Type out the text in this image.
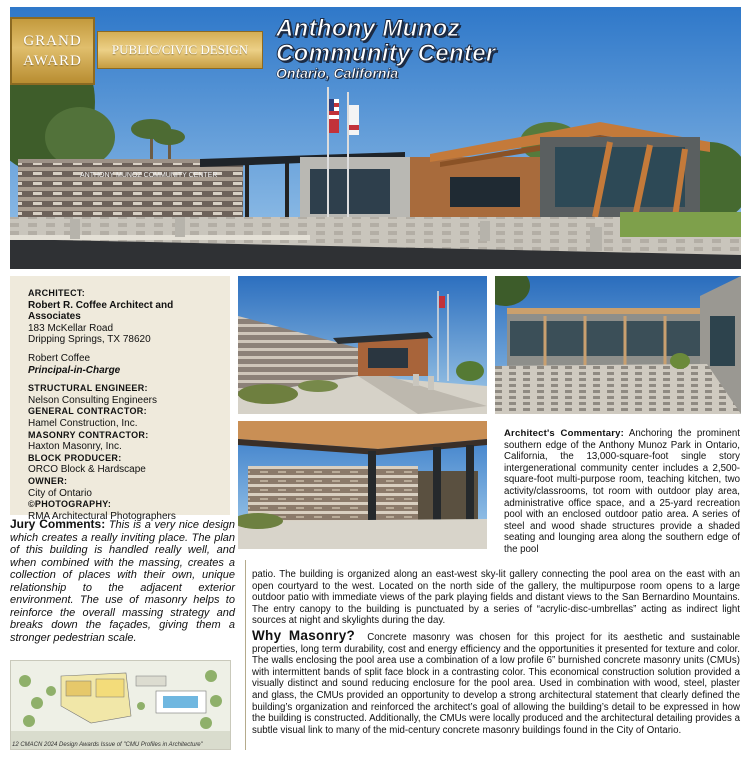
ANTHONY MUNOZ COMMUNITY CENTER
GRAND AWARD
PUBLIC/CIVIC DESIGN
Anthony Munoz
Community Center
Ontario, California
ARCHITECT:
Robert R. Coffee Architect and Associates
183 McKellar Road
Dripping Springs, TX 78620
Robert Coffee
Principal-in-Charge
STRUCTURAL ENGINEER:
Nelson Consulting Engineers
GENERAL CONTRACTOR:
Hamel Construction, Inc.
MASONRY CONTRACTOR:
Haxton Masonry, Inc.
BLOCK PRODUCER:
ORCO Block & Hardscape
OWNER:
City of Ontario
©PHOTOGRAPHY:
RMA Architectural Photographers
Jury Comments: This is a very nice design which creates a really inviting place. The plan of this building is handled really well, and when combined with the massing, creates a collection of places with their own, unique relationship to the adjacent exterior environment. The use of masonry helps to reinforce the overall massing strategy and breaks down the façades, giving them a stronger pedestrian scale.
12 CMACN 2024 Design Awards Issue of "CMU Profiles in Architecture"
Architect's Commentary: Anchoring the prominent southern edge of the Anthony Munoz Park in Ontario, California, the 13,000-square-foot single story intergenerational community center includes a 2,500-square-foot multi-purpose room, teaching kitchen, two activity/classrooms, tot room with outdoor play area, administrative office space, and a 25-yard recreation pool with an enclosed outdoor patio area. A series of steel and wood shade structures provide a shaded seating and lounging area along the southern edge of the pool
patio. The building is organized along an east-west sky-lit gallery connecting the pool area on the east with an open courtyard to the west. Located on the north side of the gallery, the multipurpose room opens to a large outdoor patio with immediate views of the park playing fields and distant views to the San Bernardino Mountains. The entry canopy to the building is punctuated by a series of “acrylic-disc-umbrellas” acting as indirect light sources at night and skylights during the day.
Why Masonry? Concrete masonry was chosen for this project for its aesthetic and sustainable properties, long term durability, cost and energy efficiency and the opportunities it presented for texture and color. The walls enclosing the pool area use a combination of a low profile 6” burnished concrete masonry units (CMUs) with intermittent bands of split face block in a contrasting color. This economical construction solution provided a visually distinct and sound reducing enclosure for the pool area. Used in combination with wood, steel, plaster and glass, the CMUs provided an opportunity to develop a strong architectural statement that clearly defined the building’s organization and reinforced the architect’s goal of allowing the building’s detail to be expressed in how the building is constructed. Additionally, the CMUs were locally produced and the architectural detailing provides a subtle visual link to many of the mid-century concrete masonry buildings found in the City of Ontario.
